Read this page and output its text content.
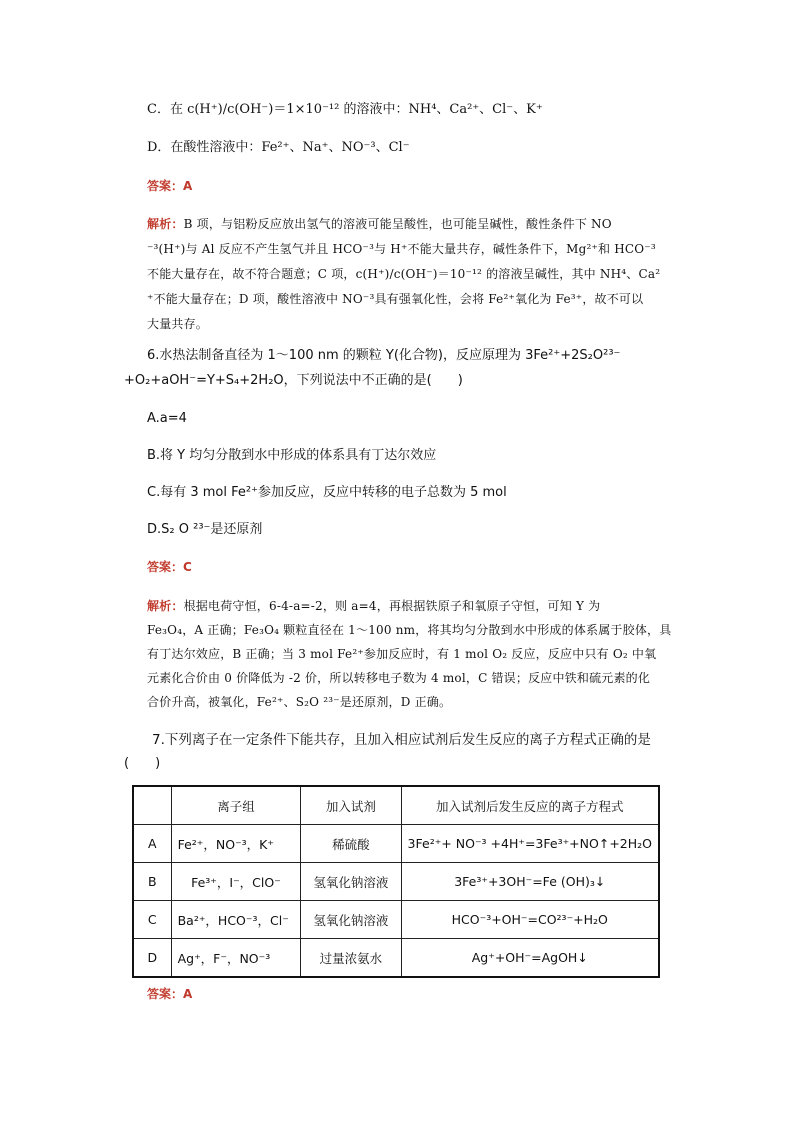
C．在 c(H⁺)/c(OH⁻)＝1×10⁻¹² 的溶液中：NH⁴、Ca²⁺、Cl⁻、K⁺
D．在酸性溶液中：Fe²⁺、Na⁺、NO⁻³、Cl⁻
答案：A
解析：B 项，与铝粉反应放出氢气的溶液可能呈酸性，也可能呈碱性，酸性条件下 NO
⁻³(H⁺)与 Al 反应不产生氢气并且 HCO⁻³与 H⁺不能大量共存，碱性条件下，Mg²⁺和 HCO⁻³
不能大量存在，故不符合题意；C 项，c(H⁺)/c(OH⁻)＝10⁻¹² 的溶液呈碱性，其中 NH⁴、Ca²
⁺不能大量存在；D 项，酸性溶液中 NO⁻³具有强氧化性，会将 Fe²⁺氧化为 Fe³⁺，故不可以
大量共存。
6.水热法制备直径为 1～100 nm 的颗粒 Y(化合物)，反应原理为 3Fe²⁺+2S₂O²³⁻
+O₂+aOH⁻=Y+S₄+2H₂O，下列说法中不正确的是(　　)
A.a=4
B.将 Y 均匀分散到水中形成的体系具有丁达尔效应
C.每有 3 mol Fe²⁺参加反应，反应中转移的电子总数为 5 mol
D.S₂ O ²³⁻是还原剂
答案：C
解析：根据电荷守恒，6-4-a=-2，则 a=4，再根据铁原子和氧原子守恒，可知 Y 为
Fe₃O₄，A 正确；Fe₃O₄ 颗粒直径在 1～100 nm，将其均匀分散到水中形成的体系属于胶体，具
有丁达尔效应，B 正确；当 3 mol Fe²⁺参加反应时，有 1 mol O₂ 反应，反应中只有 O₂ 中氧
元素化合价由 0 价降低为 -2 价，所以转移电子数为 4 mol，C 错误；反应中铁和硫元素的化
合价升高，被氧化，Fe²⁺、S₂O ²³⁻是还原剂，D 正确。
7.下列离子在一定条件下能共存，且加入相应试剂后发生反应的离子方程式正确的是
(　　)
	离子组	加入试剂	加入试剂后发生反应的离子方程式
A	Fe²⁺，NO⁻³，K⁺	稀硫酸	3Fe²⁺+ NO⁻³ +4H⁺=3Fe³⁺+NO↑+2H₂O
B	Fe³⁺，I⁻，ClO⁻	氢氧化钠溶液	3Fe³⁺+3OH⁻=Fe (OH)₃↓
C	Ba²⁺，HCO⁻³，Cl⁻	氢氧化钠溶液	HCO⁻³+OH⁻=CO²³⁻+H₂O
D	Ag⁺，F⁻，NO⁻³	过量浓氨水	Ag⁺+OH⁻=AgOH↓
答案：A
